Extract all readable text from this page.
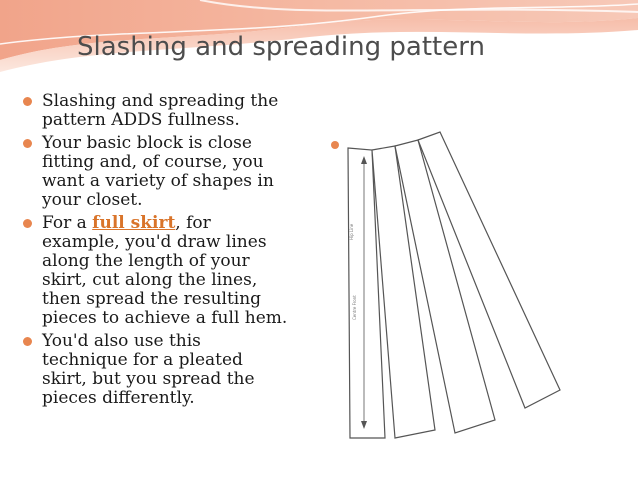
Slashing and spreading pattern
Slashing and spreading the pattern ADDS fullness.
Your basic block is close fitting and, of course, you want a variety of shapes in your closet.
For a full skirt, for example, you'd draw lines along the length of your skirt, cut along the lines, then spread the resulting pieces to achieve a full hem.
You'd also use this technique for a pleated skirt, but you spread the pieces differently.
Hip Line
Centre Front
